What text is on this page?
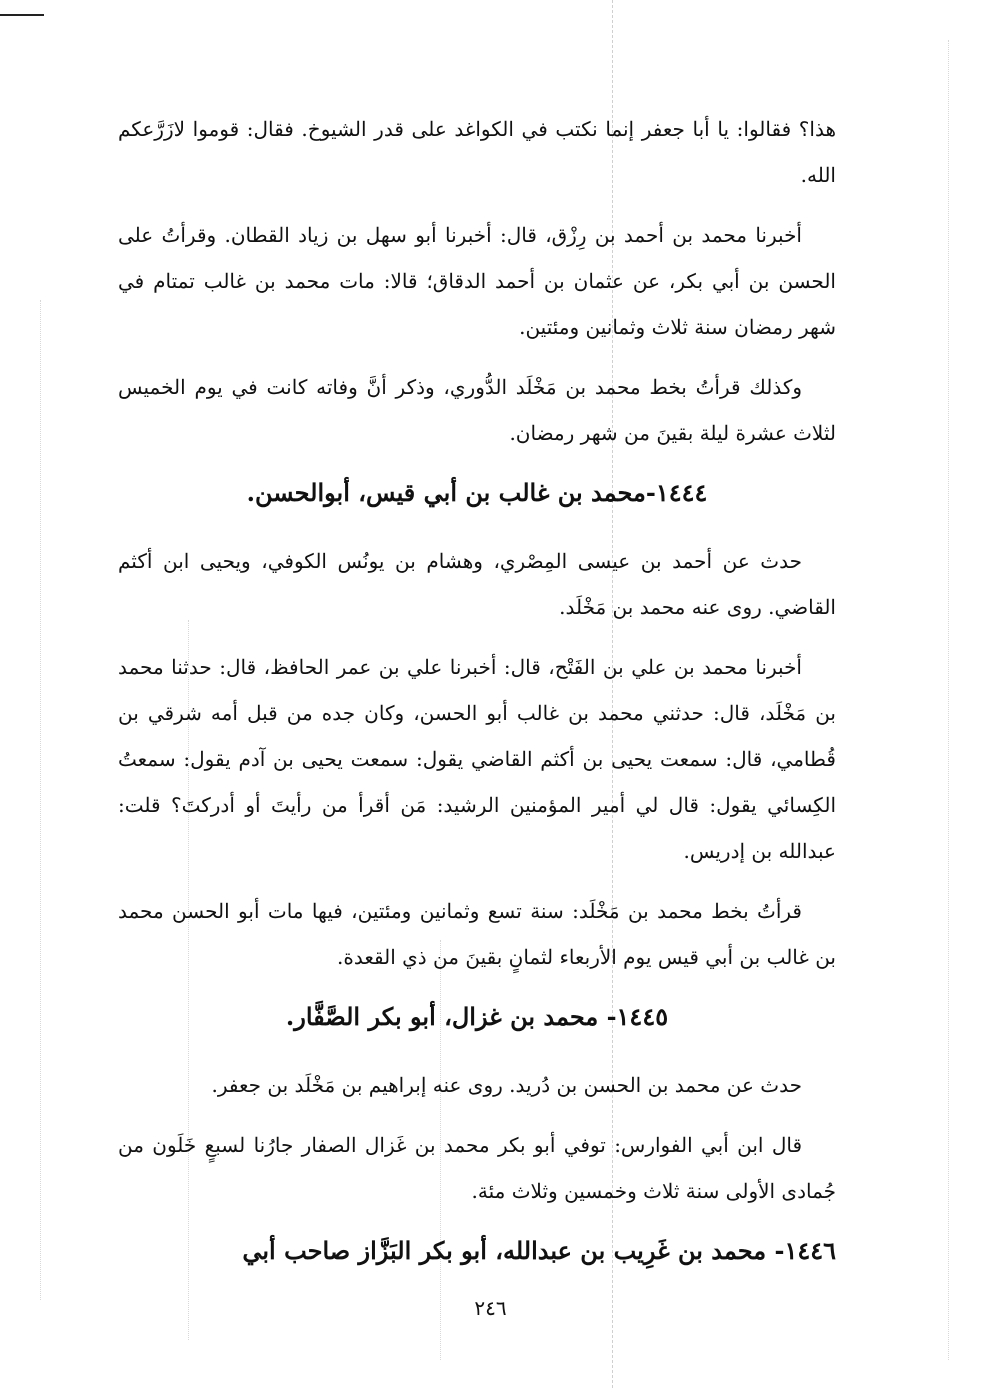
هذا؟ فقالوا: يا أبا جعفر إنما نكتب في الكواغد على قدر الشيوخ. فقال: قوموا لازَرَّعكم الله.

أخبرنا محمد بن أحمد بن رِزْق، قال: أخبرنا أبو سهل بن زياد القطان. وقرأتُ على الحسن بن أبي بكر، عن عثمان بن أحمد الدقاق؛ قالا: مات محمد بن غالب تمتام في شهر رمضان سنة ثلاث وثمانين ومئتين.

وكذلك قرأتُ بخط محمد بن مَخْلَد الدُّوري، وذكر أنَّ وفاته كانت في يوم الخميس لثلاث عشرة ليلة بقينَ من شهر رمضان.

١٤٤٤-محمد بن غالب بن أبي قيس، أبوالحسن.

حدث عن أحمد بن عيسى المِصْري، وهشام بن يونُس الكوفي، ويحيى ابن أكثم القاضي. روى عنه محمد بن مَخْلَد.

أخبرنا محمد بن علي بن الفَتْح، قال: أخبرنا علي بن عمر الحافظ، قال: حدثنا محمد بن مَخْلَد، قال: حدثني محمد بن غالب أبو الحسن، وكان جده من قبل أمه شرقي بن قُطامي، قال: سمعت يحيى بن أكثم القاضي يقول: سمعت يحيى بن آدم يقول: سمعتُ الكِسائي يقول: قال لي أمير المؤمنين الرشيد: مَن أقرأ من رأيتَ أو أدركتَ؟ قلت: عبدالله بن إدريس.

قرأتُ بخط محمد بن مَخْلَد: سنة تسع وثمانين ومئتين، فيها مات أبو الحسن محمد بن غالب بن أبي قيس يوم الأربعاء لثمانٍ بقينَ من ذي القعدة.

١٤٤٥- محمد بن غزال، أبو بكر الصَّفَّار.

حدث عن محمد بن الحسن بن دُريد. روى عنه إبراهيم بن مَخْلَد بن جعفر.

قال ابن أبي الفوارس: توفي أبو بكر محمد بن غَزال الصفار جارُنا لسبعٍ خَلَون من جُمادى الأولى سنة ثلاث وخمسين وثلاث مئة.

١٤٤٦- محمد بن غَرِيب بن عبدالله، أبو بكر البَزَّاز صاحب أبي
٢٤٦
